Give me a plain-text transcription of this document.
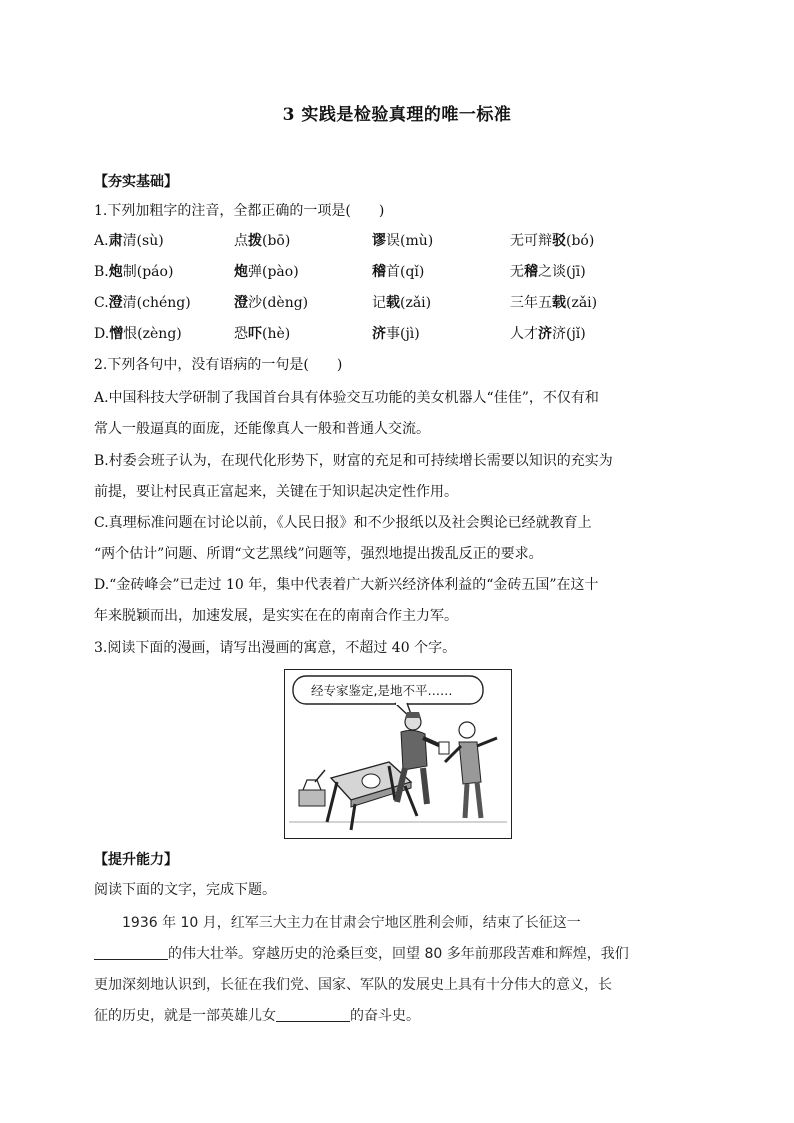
3 实践是检验真理的唯一标准
【夯实基础】
1.下列加粗字的注音，全都正确的一项是(　　)
A.肃清(sù)	点拨(bō)	谬误(mù)	无可辩驳(bó)
B.炮制(páo)	炮弹(pào)	稽首(qǐ)	无稽之谈(jī)
C.澄清(chéng)	澄沙(dèng)	记载(zǎi)	三年五载(zǎi)
D.憎恨(zèng)	恐吓(hè)	济事(jì)	人才济济(jǐ)
2.下列各句中，没有语病的一句是(　　)
A.中国科技大学研制了我国首台具有体验交互功能的美女机器人“佳佳”，不仅有和
常人一般逼真的面庞，还能像真人一般和普通人交流。
B.村委会班子认为，在现代化形势下，财富的充足和可持续增长需要以知识的充实为
前提，要让村民真正富起来，关键在于知识起决定性作用。
C.真理标准问题在讨论以前，《人民日报》和不少报纸以及社会舆论已经就教育上
“两个估计”问题、所谓“文艺黑线”问题等，强烈地提出拨乱反正的要求。
D.“金砖峰会”已走过 10 年，集中代表着广大新兴经济体利益的“金砖五国”在这十
年来脱颖而出，加速发展，是实实在在的南南合作主力军。
3.阅读下面的漫画，请写出漫画的寓意，不超过 40 个字。
经专家鉴定,是地不平……
【提升能力】
阅读下面的文字，完成下题。
1936 年 10 月，红军三大主力在甘肃会宁地区胜利会师，结束了长征这一
的伟大壮举。穿越历史的沧桑巨变，回望 80 多年前那段苦难和辉煌，我们
更加深刻地认识到，长征在我们党、国家、军队的发展史上具有十分伟大的意义，长
征的历史，就是一部英雄儿女	的奋斗史。
